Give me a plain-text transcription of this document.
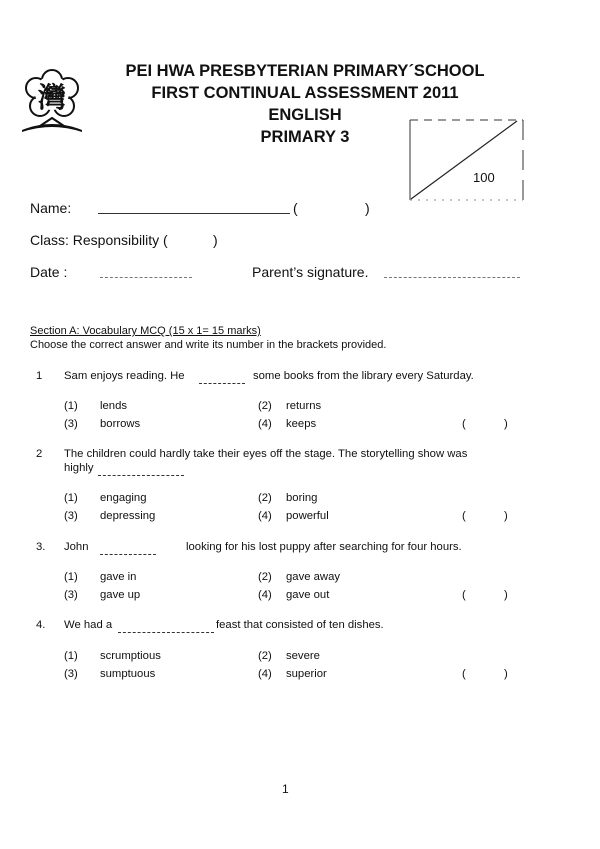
灣
PEI HWA PRESBYTERIAN PRIMARY´SCHOOL
FIRST CONTINUAL ASSESSMENT 2011
ENGLISH
PRIMARY 3
100
Name:	(	)
Class: Responsibility (	)
Date :	Parent’s signature.
Section A: Vocabulary MCQ (15 x 1= 15 marks)
Choose the correct answer and write its number in the brackets provided.
1 Sam enjoys reading. He	some books from the library every Saturday.
(1) lends	(2) returns
(3) borrows	(4) keeps	(	)
2 The children could hardly take their eyes off the stage. The storytelling show was
highly
(1) engaging	(2) boring
(3) depressing	(4) powerful	(	)
3. John	looking for his lost puppy after searching for four hours.
(1) gave in	(2) gave away
(3) gave up	(4) gave out	(	)
4. We had a	feast that consisted of ten dishes.
(1) scrumptious	(2) severe
(3) sumptuous	(4) superior	(	)
1
